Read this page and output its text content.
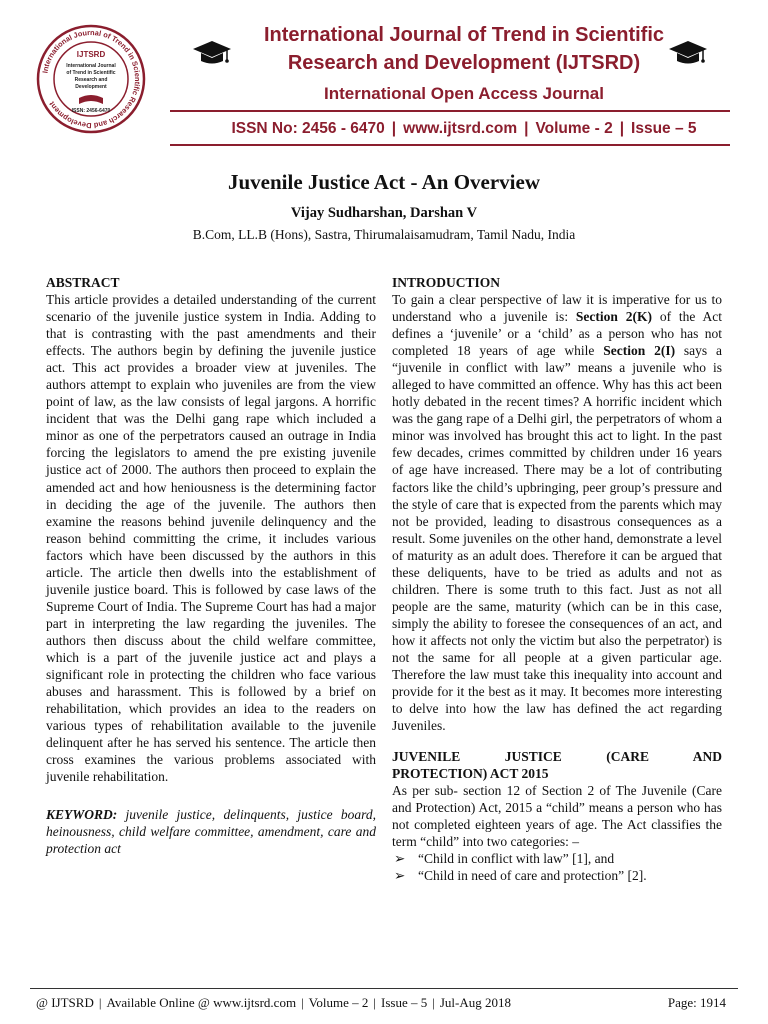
International Journal of Trend in Scientific Research and Development
IJTSRD
International Journal
of Trend in Scientific
Research and
Development
ISSN: 2456-6470
International Journal of Trend in Scientific
Research and Development (IJTSRD)
International Open Access Journal
ISSN No: 2456 - 6470 | www.ijtsrd.com | Volume - 2 | Issue – 5
Juvenile Justice Act - An Overview
Vijay Sudharshan, Darshan V
B.Com, LL.B (Hons), Sastra, Thirumalaisamudram, Tamil Nadu, India
ABSTRACT

This article provides a detailed understanding of the current scenario of the juvenile justice system in India. Adding to that is contrasting with the past amendments and their effects. The authors begin by defining the juvenile justice act. This act provides a broader view at juveniles. The authors attempt to explain who juveniles are from the view point of law, as the law consists of legal jargons. A horrific incident that was the Delhi gang rape which included a minor as one of the perpetrators caused an outrage in India forcing the legislators to amend the pre existing juvenile justice act of 2000. The authors then proceed to explain the amended act and how heniousness is the determining factor in deciding the age of the juvenile. The authors then examine the reasons behind juvenile delinquency and the reason behind committing the crime, it includes various factors which have been discussed by the authors in this article. The article then dwells into the establishment of juvenile justice board. This is followed by case laws of the Supreme Court of India. The Supreme Court has had a major part in interpreting the law regarding the juveniles. The authors then discuss about the child welfare committee, which is a part of the juvenile justice act and plays a significant role in protecting the children who face various abuses and harassment. This is followed by a brief on rehabilitation, which provides an idea to the readers on various types of rehabilitation available to the juvenile delinquent after he has served his sentence. The article then cross examines the various problems associated with juvenile rehabilitation.

KEYWORD: juvenile justice, delinquents, justice board, heinousness, child welfare committee, amendment, care and protection act

INTRODUCTION

To gain a clear perspective of law it is imperative for us to understand who a juvenile is: Section 2(K) of the Act defines a ‘juvenile’ or a ‘child’ as a person who has not completed 18 years of age while Section 2(I) says a “juvenile in conflict with law” means a juvenile who is alleged to have committed an offence. Why has this act been hotly debated in the recent times? A horrific incident which was the gang rape of a Delhi girl, the perpetrators of whom a minor was involved has brought this act to light. In the past few decades, crimes committed by children under 16 years of age have increased. There may be a lot of contributing factors like the child’s upbringing, peer group’s pressure and the style of care that is expected from the parents which may not be provided, leading to disastrous consequences as a result. Some juveniles on the other hand, demonstrate a level of maturity as an adult does. Therefore it can be argued that these deliquents, have to be tried as adults and not as children. There is some truth to this fact. Just as not all people are the same, maturity (which can be in this case, simply the ability to foresee the consequences of an act, and how it affects not only the victim but also the perpetrator) is not the same for all people at a given particular age. Therefore the law must take this inequality into account and provide for it the best as it may. It becomes more interesting to delve into how the law has defined the act regarding Juveniles.

JUVENILE JUSTICE (CARE AND
PROTECTION) ACT 2015

As per sub- section 12 of Section 2 of The Juvenile (Care and Protection) Act, 2015 a “child” means a person who has not completed eighteen years of age. The Act classifies the term “child” into two categories: –

➢ “Child in conflict with law” [1], and
➢ “Child in need of care and protection” [2].
@ IJTSRD | Available Online @ www.ijtsrd.com | Volume – 2 | Issue – 5 | Jul-Aug 2018	Page: 1914
